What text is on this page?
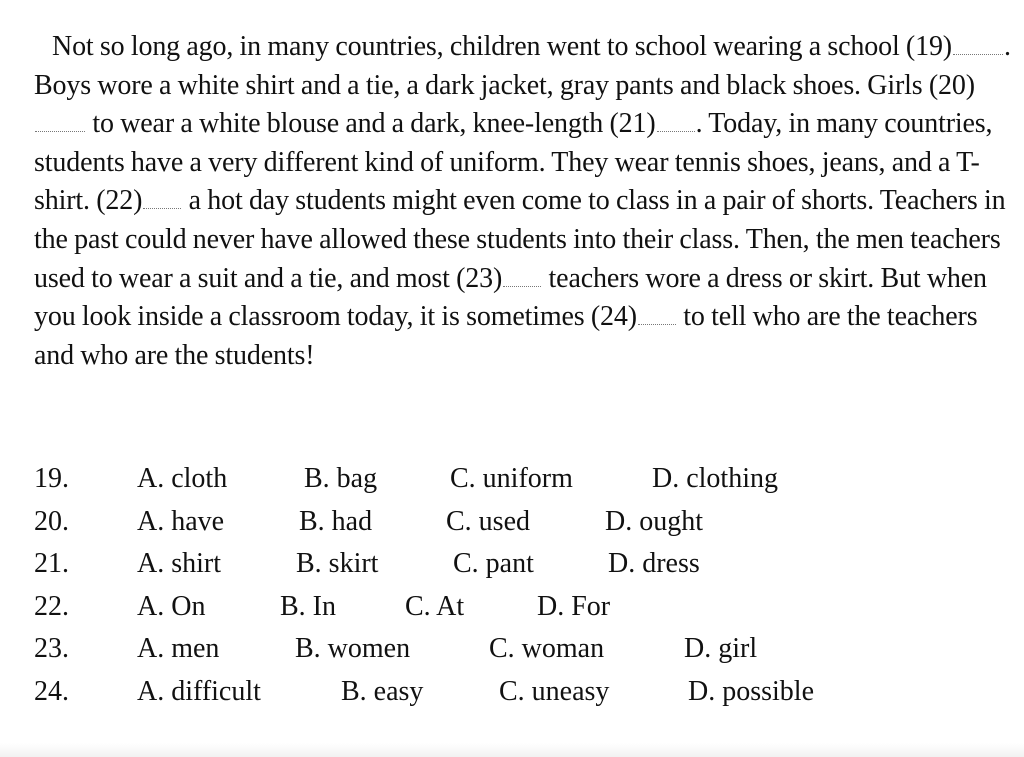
Not so long ago, in many countries, children went to school wearing a school (19) . Boys wore a white shirt and a tie, a dark jacket, gray pants and black shoes. Girls (20) to wear a white blouse and a dark, knee-length (21) . Today, in many countries, students have a very different kind of uniform. They wear tennis shoes, jeans, and a T-shirt. (22) a hot day students might even come to class in a pair of shorts. Teachers in the past could never have allowed these students into their class. Then, the men teachers used to wear a suit and a tie, and most (23) teachers wore a dress or skirt. But when you look inside a classroom today, it is sometimes (24) to tell who are the teachers and who are the students!
19. A. cloth	B. bag	C. uniform	D. clothing
20. A. have	B. had	C. used	D. ought
21. A. shirt	B. skirt	C. pant	D. dress
22. A. On	B. In C. At	D. For
23. A. men	B. women	C. woman	D. girl
24. A. difficult	B. easy	C. uneasy	D. possible
